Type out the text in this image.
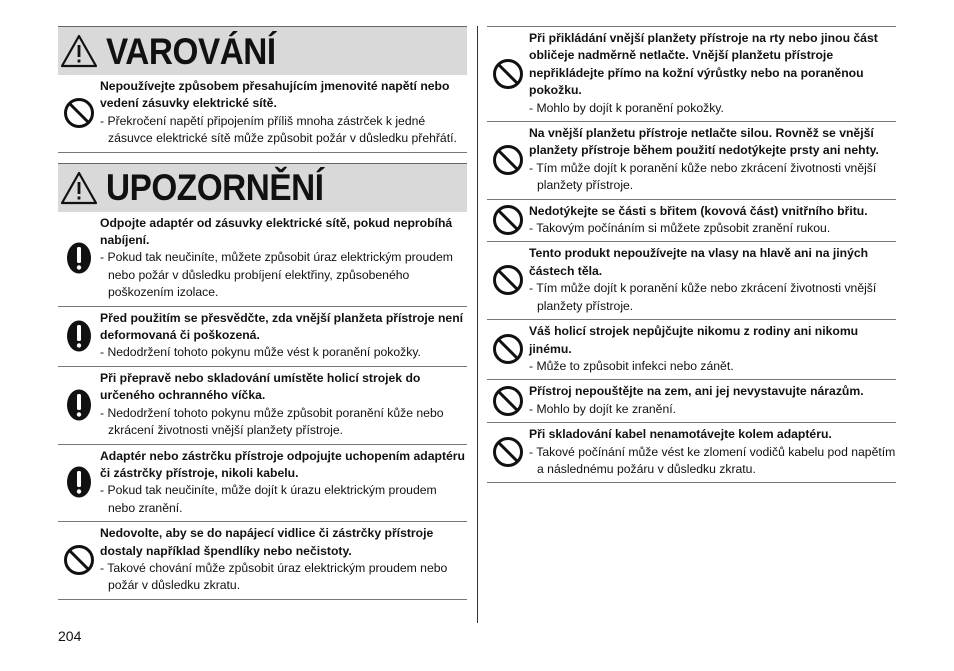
VAROVÁNÍ
Nepoužívejte způsobem přesahujícím jmenovité napětí nebo vedení zásuvky elektrické sítě.
- Překročení napětí připojením příliš mnoha zástrček k jedné zásuvce elektrické sítě může způsobit požár v důsledku přehřátí.
UPOZORNĚNÍ
Odpojte adaptér od zásuvky elektrické sítě, pokud neprobíhá nabíjení.
- Pokud tak neučiníte, můžete způsobit úraz elektrickým proudem nebo požár v důsledku probíjení elektřiny, způsobeného poškozením izolace.
Před použitím se přesvědčte, zda vnější planžeta přístroje není deformovaná či poškozená.
- Nedodržení tohoto pokynu může vést k poranění pokožky.
Při přepravě nebo skladování umístěte holicí strojek do určeného ochranného víčka.
- Nedodržení tohoto pokynu může způsobit poranění kůže nebo zkrácení životnosti vnější planžety přístroje.
Adaptér nebo zástrčku přístroje odpojujte uchopením adaptéru či zástrčky přístroje, nikoli kabelu.
- Pokud tak neučiníte, může dojít k úrazu elektrickým proudem nebo zranění.
Nedovolte, aby se do napájecí vidlice či zástrčky přístroje dostaly například špendlíky nebo nečistoty.
- Takové chování může způsobit úraz elektrickým proudem nebo požár v důsledku zkratu.
Při přikládání vnější planžety přístroje na rty nebo jinou část obličeje nadměrně netlačte. Vnější planžetu přístroje nepřikládejte přímo na kožní výrůstky nebo na poraněnou pokožku.
- Mohlo by dojít k poranění pokožky.
Na vnější planžetu přístroje netlačte silou. Rovněž se vnější planžety přístroje během použití nedotýkejte prsty ani nehty.
- Tím může dojít k poranění kůže nebo zkrácení životnosti vnější planžety přístroje.
Nedotýkejte se části s břitem (kovová část) vnitřního břitu.
- Takovým počínáním si můžete způsobit zranění rukou.
Tento produkt nepoužívejte na vlasy na hlavě ani na jiných částech těla.
- Tím může dojít k poranění kůže nebo zkrácení životnosti vnější planžety přístroje.
Váš holicí strojek nepůjčujte nikomu z rodiny ani nikomu jinému.
- Může to způsobit infekci nebo zánět.
Přístroj nepouštějte na zem, ani jej nevystavujte nárazům.
- Mohlo by dojít ke zranění.
Při skladování kabel nenamotávejte kolem adaptéru.
- Takové počínání může vést ke zlomení vodičů kabelu pod napětím a následnému požáru v důsledku zkratu.
204
